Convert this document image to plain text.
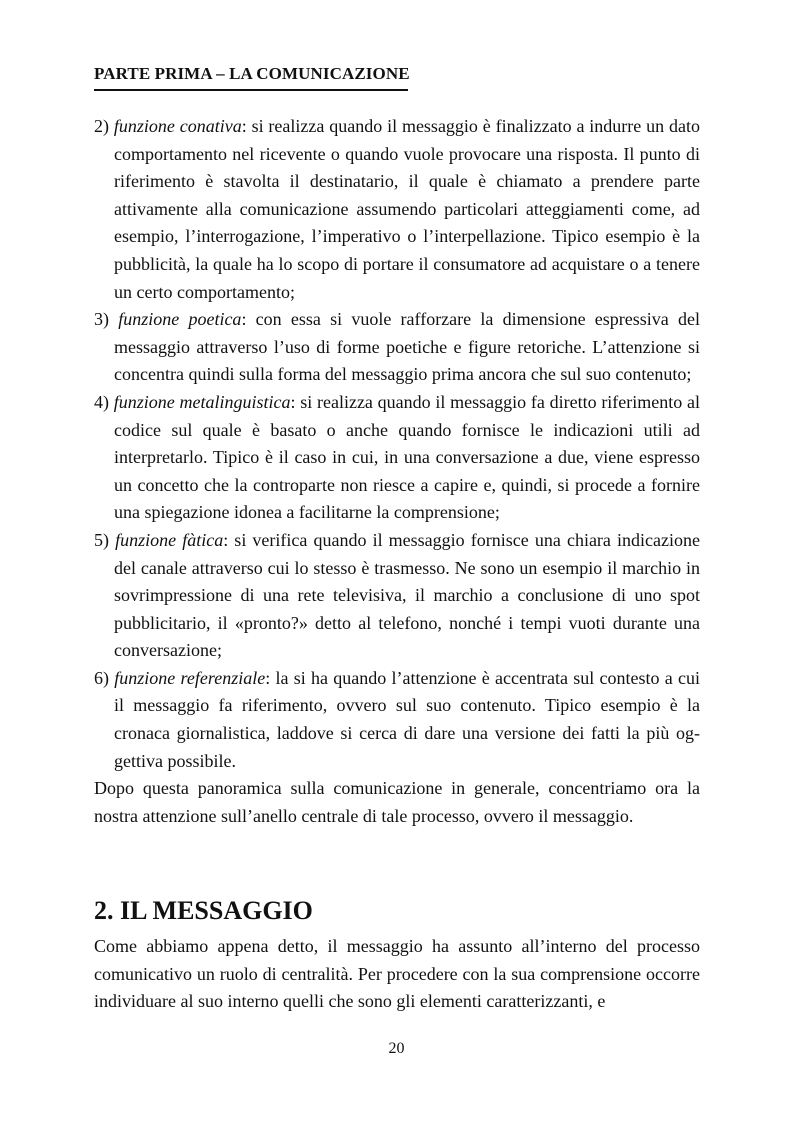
PARTE PRIMA – LA COMUNICAZIONE

2) funzione conativa: si realizza quando il messaggio è finalizzato a indurre un dato comportamento nel ricevente o quando vuole provocare una risposta. Il punto di riferimento è stavolta il destinatario, il quale è chiamato a prendere parte attivamente alla comunicazione assumendo particolari atteggiamenti come, ad esempio, l’interrogazione, l’imperativo o l’interpellazione. Tipico esempio è la pubblicità, la quale ha lo scopo di portare il consumatore ad acquistare o a tenere un certo comportamento;

3) funzione poetica: con essa si vuole rafforzare la dimensione espressiva del messaggio attraverso l’uso di forme poetiche e figure retoriche. L’attenzione si concentra quindi sulla forma del messaggio prima ancora che sul suo contenuto;

4) funzione metalinguistica: si realizza quando il messaggio fa diretto riferimento al codice sul quale è basato o anche quando fornisce le indicazioni utili ad interpretarlo. Tipico è il caso in cui, in una conversazione a due, viene espresso un concetto che la controparte non riesce a capire e, quindi, si procede a fornire una spiegazione idonea a facilitarne la comprensione;

5) funzione fàtica: si verifica quando il messaggio fornisce una chiara indicazione del canale attraverso cui lo stesso è trasmesso. Ne sono un esempio il marchio in sovrimpressione di una rete televisiva, il marchio a conclusione di uno spot pubblicitario, il «pronto?» detto al telefono, nonché i tempi vuoti durante una conversazione;

6) funzione referenziale: la si ha quando l’attenzione è accentrata sul contesto a cui il messaggio fa riferimento, ovvero sul suo contenuto. Tipico esempio è la cronaca giornalistica, laddove si cerca di dare una versione dei fatti la più oggettiva possibile.

Dopo questa panoramica sulla comunicazione in generale, concentriamo ora la nostra attenzione sull’anello centrale di tale processo, ovvero il messaggio.

2. IL MESSAGGIO

Come abbiamo appena detto, il messaggio ha assunto all’interno del processo comunicativo un ruolo di centralità. Per procedere con la sua comprensione occorre individuare al suo interno quelli che sono gli elementi caratterizzanti, e

20
